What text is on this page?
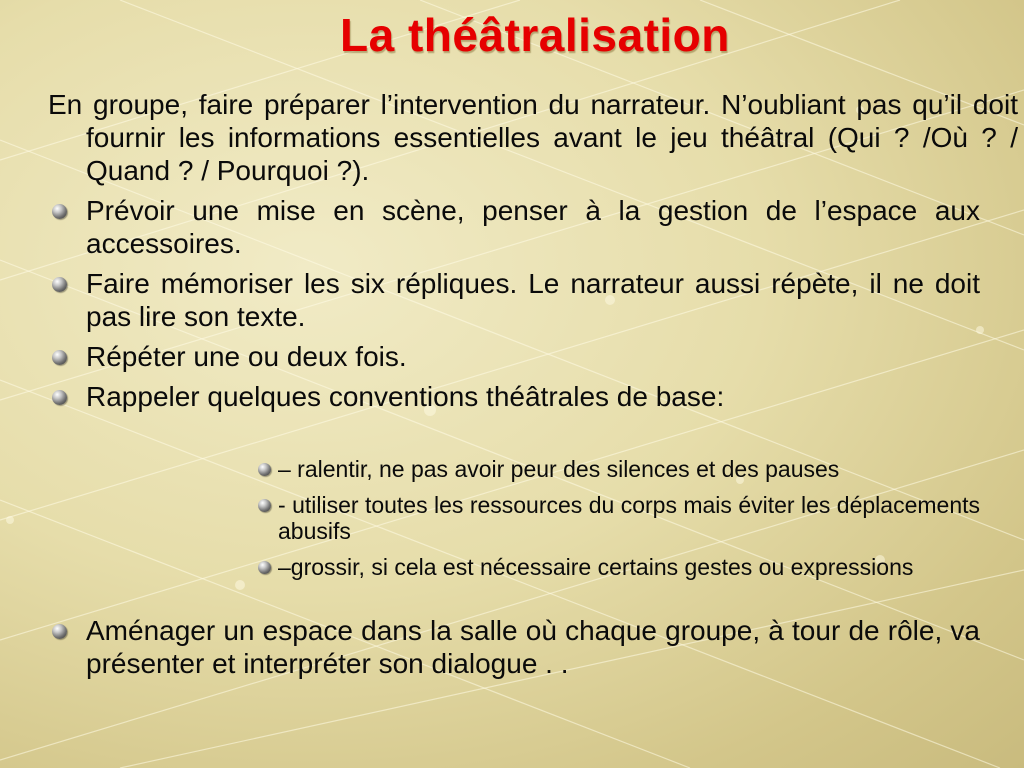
La théâtralisation

En groupe, faire préparer l’intervention du narrateur. N’oubliant pas qu’il doit fournir les informations essentielles avant le jeu théâtral (Qui ? /Où ? / Quand ? / Pourquoi ?).

Prévoir une mise en scène, penser à la gestion de l’espace aux accessoires.
Faire mémoriser les six répliques. Le narrateur aussi répète, il ne doit pas lire son texte.
Répéter une ou deux fois.
Rappeler quelques conventions théâtrales de base:
– ralentir, ne pas avoir peur des silences et des pauses
- utiliser toutes les ressources du corps mais éviter les déplacements abusifs
–grossir, si cela est nécessaire certains gestes ou expressions
Aménager un espace dans la salle où chaque groupe, à tour de rôle, va présenter et interpréter son dialogue . .
